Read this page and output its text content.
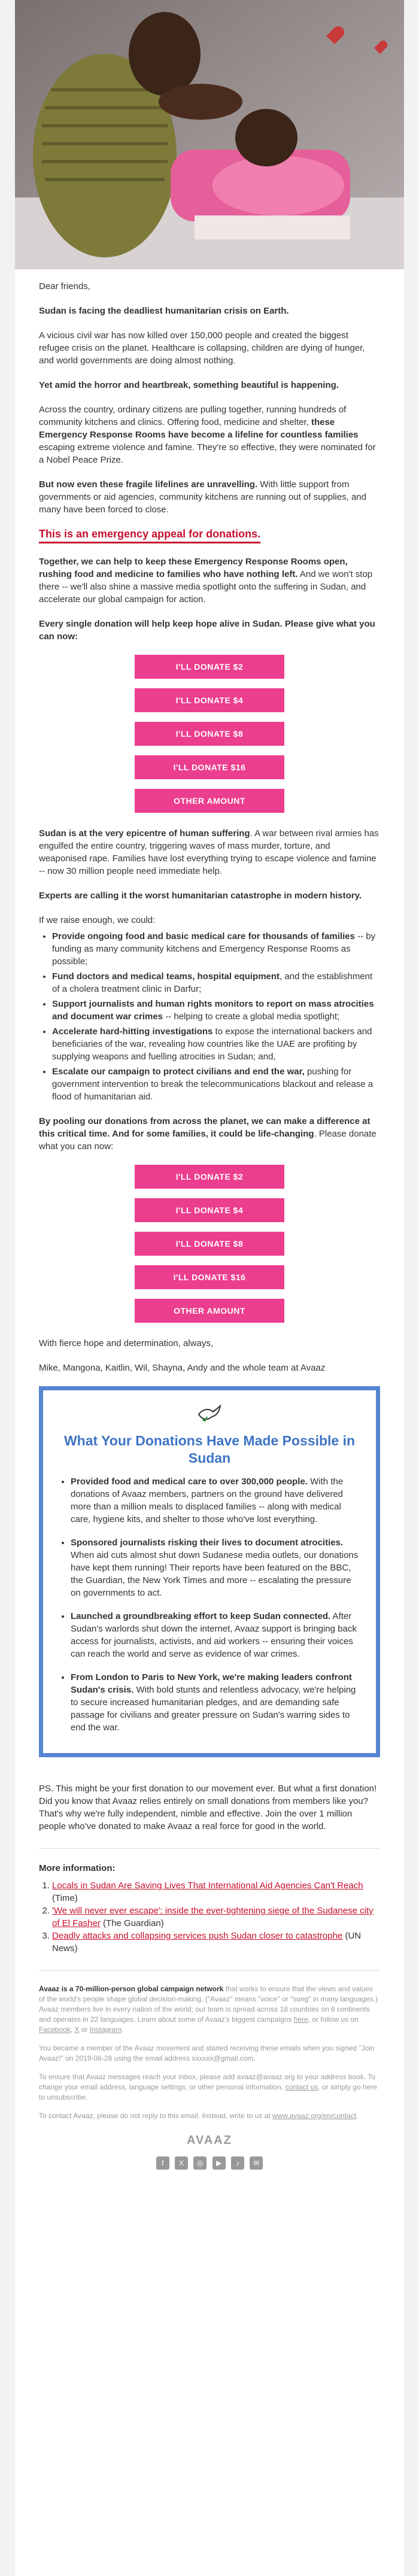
Dear friends,

Sudan is facing the deadliest humanitarian crisis on Earth.

A vicious civil war has now killed over 150,000 people and created the biggest refugee crisis on the planet. Healthcare is collapsing, children are dying of hunger, and world governments are doing almost nothing.

Yet amid the horror and heartbreak, something beautiful is happening.

Across the country, ordinary citizens are pulling together, running hundreds of community kitchens and clinics. Offering food, medicine and shelter, these Emergency Response Rooms have become a lifeline for countless families escaping extreme violence and famine. They're so effective, they were nominated for a Nobel Peace Prize.

But now even these fragile lifelines are unravelling. With little support from governments or aid agencies, community kitchens are running out of supplies, and many have been forced to close.

This is an emergency appeal for donations.

Together, we can help to keep these Emergency Response Rooms open, rushing food and medicine to families who have nothing left. And we won't stop there -- we'll also shine a massive media spotlight onto the suffering in Sudan, and accelerate our global campaign for action.

Every single donation will help keep hope alive in Sudan. Please give what you can now:

I'LL DONATE $2
I'LL DONATE $4
I'LL DONATE $8
I'LL DONATE $16
OTHER AMOUNT

Sudan is at the very epicentre of human suffering. A war between rival armies has engulfed the entire country, triggering waves of mass murder, torture, and weaponised rape. Families have lost everything trying to escape violence and famine -- now 30 million people need immediate help.

Experts are calling it the worst humanitarian catastrophe in modern history.

If we raise enough, we could:

• Provide ongoing food and basic medical care for thousands of families -- by funding as many community kitchens and Emergency Response Rooms as possible;
• Fund doctors and medical teams, hospital equipment, and the establishment of a cholera treatment clinic in Darfur;
• Support journalists and human rights monitors to report on mass atrocities and document war crimes -- helping to create a global media spotlight;
• Accelerate hard-hitting investigations to expose the international backers and beneficiaries of the war, revealing how countries like the UAE are profiting by supplying weapons and fuelling atrocities in Sudan; and,
• Escalate our campaign to protect civilians and end the war, pushing for government intervention to break the telecommunications blackout and release a flood of humanitarian aid.

By pooling our donations from across the planet, we can make a difference at this critical time. And for some families, it could be life-changing. Please donate what you can now:

I'LL DONATE $2
I'LL DONATE $4
I'LL DONATE $8
I'LL DONATE $16
OTHER AMOUNT

With fierce hope and determination, always,

Mike, Mangona, Kaitlin, Wil, Shayna, Andy and the whole team at Avaaz

What Your Donations Have Made Possible in Sudan
• Provided food and medical care to over 300,000 people. With the donations of Avaaz members, partners on the ground have delivered more than a million meals to displaced families -- along with medical care, hygiene kits, and shelter to those who've lost everything.
• Sponsored journalists risking their lives to document atrocities. When aid cuts almost shut down Sudanese media outlets, our donations have kept them running! Their reports have been featured on the BBC, the Guardian, the New York Times and more -- escalating the pressure on governments to act.
• Launched a groundbreaking effort to keep Sudan connected. After Sudan's warlords shut down the internet, Avaaz support is bringing back access for journalists, activists, and aid workers -- ensuring their voices can reach the world and serve as evidence of war crimes.
• From London to Paris to New York, we're making leaders confront Sudan's crisis. With bold stunts and relentless advocacy, we're helping to secure increased humanitarian pledges, and are demanding safe passage for civilians and greater pressure on Sudan's warring sides to end the war.

PS. This might be your first donation to our movement ever. But what a first donation! Did you know that Avaaz relies entirely on small donations from members like you? That's why we're fully independent, nimble and effective. Join the over 1 million people who've donated to make Avaaz a real force for good in the world.

More information:
1. Locals in Sudan Are Saving Lives That International Aid Agencies Can't Reach (Time)
2. 'We will never ever escape': inside the ever-tightening siege of the Sudanese city of El Fasher (The Guardian)
3. Deadly attacks and collapsing services push Sudan closer to catastrophe (UN News)

Avaaz is a 70-million-person global campaign network that works to ensure that the views and values of the world's people shape global decision-making. ("Avaaz" means "voice" or "song" in many languages.) Avaaz members live in every nation of the world; our team is spread across 18 countries on 6 continents and operates in 22 languages. Learn about some of Avaaz's biggest campaigns here, or follow us on Facebook, X or Instagram.

You became a member of the Avaaz movement and started receiving these emails when you signed "Join Avaaz!" on 2019-06-28 using the email address xxxxxx@gmail.com.

To ensure that Avaaz messages reach your inbox, please add avaaz@avaaz.org to your address book. To change your email address, language settings, or other personal information, contact us, or simply go here to unsubscribe.

To contact Avaaz, please do not reply to this email. Instead, write to us at www.avaaz.org/en/contact.

AVAAZ
f X ◎ ▶ ♪ ✉
